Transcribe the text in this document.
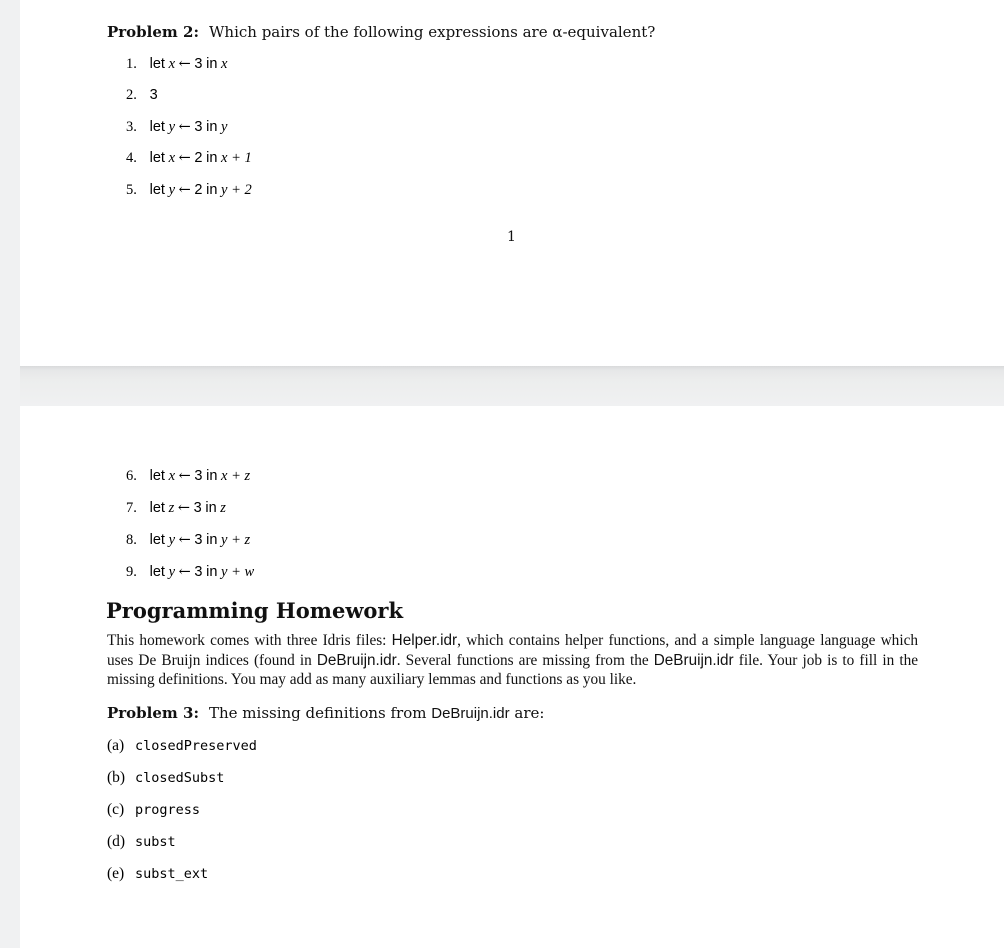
Problem 2: Which pairs of the following expressions are α-equivalent?
1. let x ← 3 in x
2. 3
3. let y ← 3 in y
4. let x ← 2 in x + 1
5. let y ← 2 in y + 2
1
6. let x ← 3 in x + z
7. let z ← 3 in z
8. let y ← 3 in y + z
9. let y ← 3 in y + w
Programming Homework
This homework comes with three Idris files: Helper.idr, which contains helper functions, and a simple language language which uses De Bruijn indices (found in DeBruijn.idr. Several functions are missing from the DeBruijn.idr file. Your job is to fill in the missing definitions. You may add as many auxiliary lemmas and functions as you like.
Problem 3: The missing definitions from DeBruijn.idr are:
(a) closedPreserved
(b) closedSubst
(c) progress
(d) subst
(e) subst_ext
